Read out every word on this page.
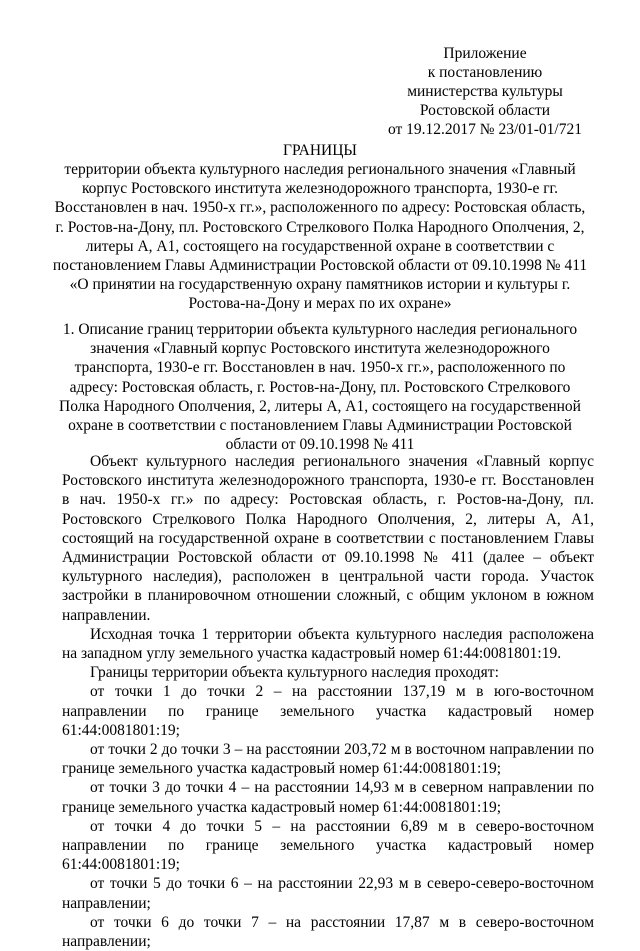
Приложение
к постановлению
министерства культуры
Ростовской области
от 19.12.2017 № 23/01-01/721
ГРАНИЦЫ
территории объекта культурного наследия регионального значения «Главный корпус Ростовского института железнодорожного транспорта, 1930-е гг. Восстановлен в нач. 1950-х гг.», расположенного по адресу: Ростовская область, г. Ростов-на-Дону, пл. Ростовского Стрелкового Полка Народного Ополчения, 2, литеры А, А1, состоящего на государственной охране в соответствии с постановлением Главы Администрации Ростовской области от 09.10.1998 № 411 «О принятии на государственную охрану памятников истории и культуры г. Ростова-на-Дону и мерах по их охране»
1. Описание границ территории объекта культурного наследия регионального значения «Главный корпус Ростовского института железнодорожного транспорта, 1930-е гг. Восстановлен в нач. 1950-х гг.», расположенного по адресу: Ростовская область, г. Ростов-на-Дону, пл. Ростовского Стрелкового Полка Народного Ополчения, 2, литеры А, А1, состоящего на государственной охране в соответствии с постановлением Главы Администрации Ростовской области от 09.10.1998 № 411

Объект культурного наследия регионального значения «Главный корпус Ростовского института железнодорожного транспорта, 1930-е гг. Восстановлен в нач. 1950-х гг.» по адресу: Ростовская область, г. Ростов-на-Дону, пл. Ростовского Стрелкового Полка Народного Ополчения, 2, литеры А, А1, состоящий на государственной охране в соответствии с постановлением Главы Администрации Ростовской области от 09.10.1998 № 411 (далее – объект культурного наследия), расположен в центральной части города. Участок застройки в планировочном отношении сложный, с общим уклоном в южном направлении.

Исходная точка 1 территории объекта культурного наследия расположена на западном углу земельного участка кадастровый номер 61:44:0081801:19.

Границы территории объекта культурного наследия проходят:

от точки 1 до точки 2 – на расстоянии 137,19 м в юго-восточном направлении по границе земельного участка кадастровый номер 61:44:0081801:19;

от точки 2 до точки 3 – на расстоянии 203,72 м в восточном направлении по границе земельного участка кадастровый номер 61:44:0081801:19;

от точки 3 до точки 4 – на расстоянии 14,93 м в северном направлении по границе земельного участка кадастровый номер 61:44:0081801:19;

от точки 4 до точки 5 – на расстоянии 6,89 м в северо-восточном направлении по границе земельного участка кадастровый номер 61:44:0081801:19;

от точки 5 до точки 6 – на расстоянии 22,93 м в северо-северо-восточном направлении;

от точки 6 до точки 7 – на расстоянии 17,87 м в северо-восточном направлении;
